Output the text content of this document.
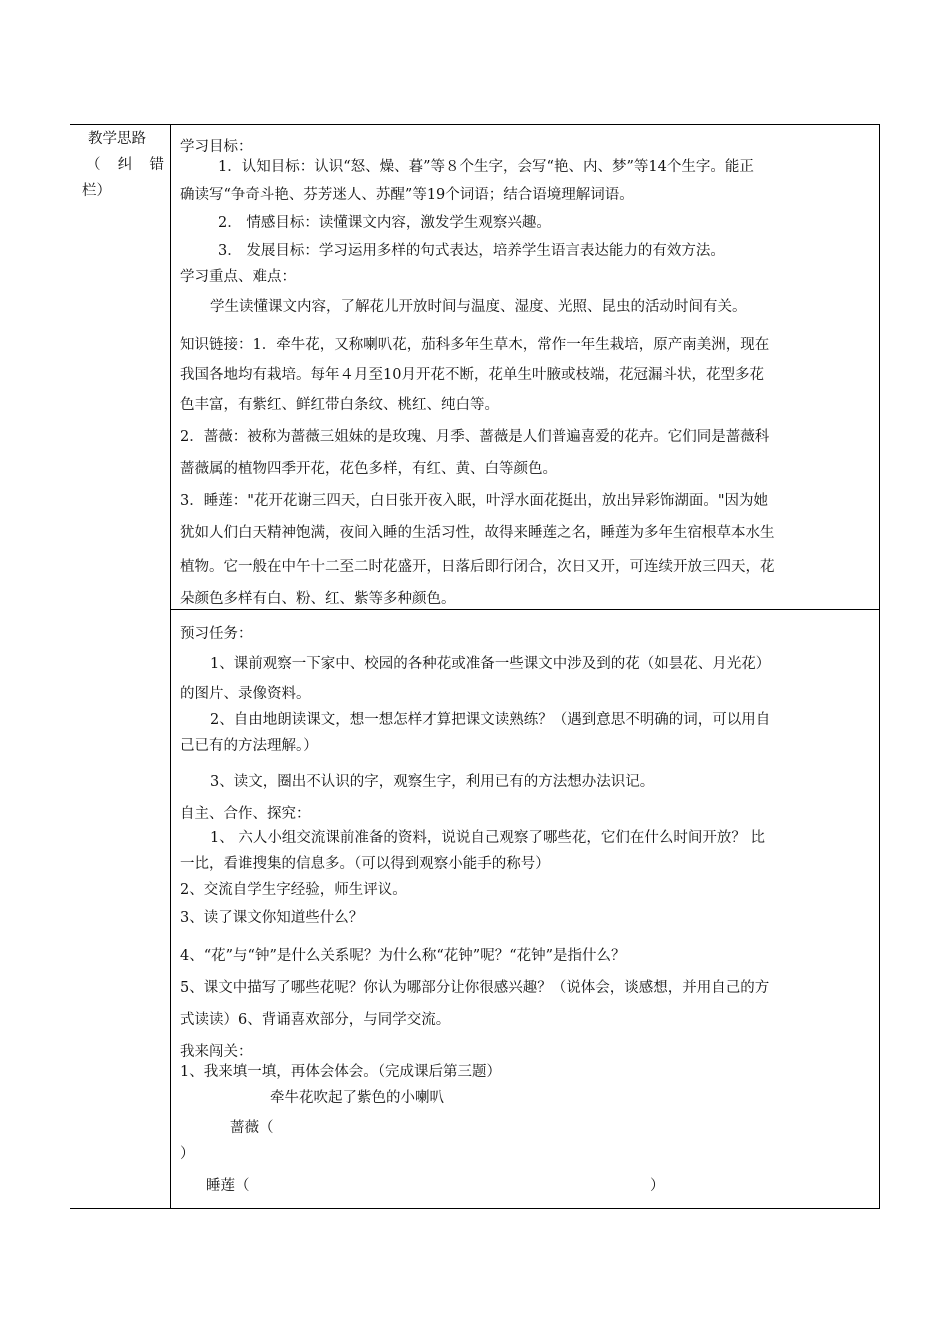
教学思路
（ 纠 错
栏）
学习目标：
1．认知目标：认识“怒、燥、暮”等８个生字，会写“艳、内、梦”等14个生字。能正
确读写“争奇斗艳、芬芳迷人、苏醒”等19个词语；结合语境理解词语。
2． 情感目标：读懂课文内容，激发学生观察兴趣。
3． 发展目标：学习运用多样的句式表达，培养学生语言表达能力的有效方法。
学习重点、难点：
学生读懂课文内容，了解花儿开放时间与温度、湿度、光照、昆虫的活动时间有关。
知识链接：1．牵牛花，又称喇叭花，茄科多年生草木，常作一年生栽培，原产南美洲，现在
我国各地均有栽培。每年４月至10月开花不断，花单生叶腋或枝端，花冠漏斗状，花型多花
色丰富，有紫红、鲜红带白条纹、桃红、纯白等。
2．蔷薇：被称为蔷薇三姐妹的是玫瑰、月季、蔷薇是人们普遍喜爱的花卉。它们同是蔷薇科
蔷薇属的植物四季开花，花色多样，有红、黄、白等颜色。
3．睡莲："花开花谢三四天，白日张开夜入眠，叶浮水面花挺出，放出异彩饰湖面。"因为她
犹如人们白天精神饱满，夜间入睡的生活习性，故得来睡莲之名，睡莲为多年生宿根草本水生
植物。它一般在中午十二至二时花盛开，日落后即行闭合，次日又开，可连续开放三四天，花
朵颜色多样有白、粉、红、紫等多种颜色。
预习任务：
1、课前观察一下家中、校园的各种花或准备一些课文中涉及到的花（如昙花、月光花）
的图片、录像资料。
2、自由地朗读课文，想一想怎样才算把课文读熟练？（遇到意思不明确的词，可以用自
己已有的方法理解。）
3、读文，圈出不认识的字，观察生字，利用已有的方法想办法识记。
自主、合作、探究：
1、 六人小组交流课前准备的资料，说说自己观察了哪些花，它们在什么时间开放？ 比
一比，看谁搜集的信息多。（可以得到观察小能手的称号）
2、交流自学生字经验，师生评议。
3、读了课文你知道些什么？
4、“花”与“钟”是什么关系呢？为什么称“花钟”呢？“花钟”是指什么？
5、课文中描写了哪些花呢？你认为哪部分让你很感兴趣？（说体会，谈感想，并用自己的方
式读读）6、背诵喜欢部分，与同学交流。
我来闯关：
1、我来填一填，再体会体会。（完成课后第三题）
牵牛花吹起了紫色的小喇叭
蔷薇（
）
睡莲（	）
